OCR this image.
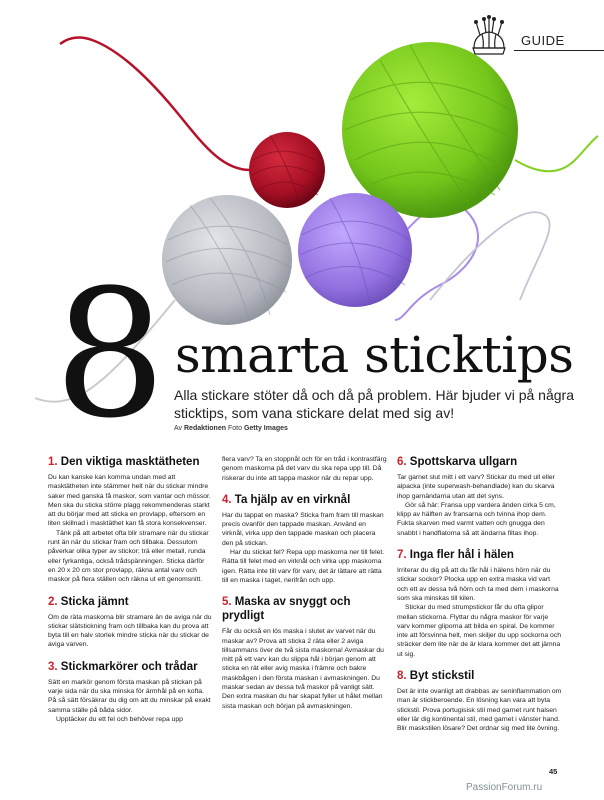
GUIDE
8 smarta sticktips
Alla stickare stöter då och då på problem. Här bjuder vi på några sticktips, som vana stickare delat med sig av!
Av Redaktionen Foto Getty Images
1. Den viktiga masktätheten

Du kan kanske kan komma undan med att masktätheten inte stämmer helt när du stickar mindre saker med ganska få maskor, som vantar och mössor. Men ska du sticka större plagg rekommenderas starkt att du börjar med att sticka en provlapp, eftersom en liten skillnad i masktäthet kan få stora konsekvenser.

Tänk på att arbetet ofta blir stramare när du stickar runt än när du stickar fram och tillbaka. Dessutom påverkar olika typer av stickor; trä eller metall, runda eller fyrkantiga, också trådspänningen. Sticka därför en 20 x 20 cm stor provlapp, räkna antal varv och maskor på flera ställen och räkna ut ett genomsnitt.

2. Sticka jämnt

Om de räta maskorna blir stramare än de aviga när du stickar slätstickning fram och tillbaka kan du prova att byta till en halv storlek mindre sticka när du stickar de aviga varven.

3. Stickmarkörer och trådar

Sätt en markör genom första maskan på stickan på varje sida när du ska minska för ärmhål på en kofta. På så sätt försäkrar du dig om att du minskar på exakt samma ställe på båda sidor.

Upptäcker du ett fel och behöver repa upp

flera varv? Ta en stoppnål och för en tråd i kontrastfärg genom maskorna på det varv du ska repa upp till. Då riskerar du inte att tappa maskor när du repar upp.

4. Ta hjälp av en virknål

Har du tappat en maska? Sticka fram fram till maskan precis ovanför den tappade maskan. Använd en virknål, virka upp den tappade maskan och placera den på stickan.

Har du stickat fel? Repa upp maskorna ner till felet. Rätta till felet med en virknål och virka upp maskorna igen. Rätta inte till varv för varv, det är lättare att rätta till en maska i taget, nerifrån och upp.

5. Maska av snyggt och prydligt

Får du också en lös maska i slutet av varvet när du maskar av? Prova att sticka 2 räta eller 2 aviga tillsammans över de två sista maskorna! Avmaskar du mitt på ett varv kan du slippa hål i början genom att sticka en rät eller avig maska i främre och bakre maskbågen i den första maskan i avmaskningen. Du maskar sedan av dessa två maskor på vanligt sätt. Den extra maskan du har skapat fyller ut hålet mellan sista maskan och början på avmaskningen.

6. Spottskarva ullgarn

Tar garnet slut mitt i ett varv? Stickar du med ull eller alpacka (inte superwash-behandlade) kan du skarva ihop garnändarna utan att det syns.

Gör så här: Fransa upp vardera änden cirka 5 cm, klipp av hälften av fransarna och tvinna ihop dem. Fukta skarven med varmt vatten och gnugga den snabbt i handflatorna så att ändarna filtas ihop.

7. Inga fler hål i hälen

Irriterar du dig på att du får hål i hälens hörn när du stickar sockor? Plocka upp en extra maska vid vart och ett av dessa två hörn och ta med dem i maskorna som ska minskas till kilen.

Stickar du med strumpstickor får du ofta glipor mellan stickorna. Flyttar du några maskor för varje varv kommer gliporna att bilda en spiral. De kommer inte att försvinna helt, men skiljer du upp sockorna och sträcker dem lite när de är klara kommer det att jämna ut sig.

8. Byt stickstil

Det är inte ovanligt att drabbas av seninflammation om man är stickberoende. En lösning kan vara att byta stickstil. Prova portugisisk stil med garnet runt halsen eller lär dig kontinental stil, med garnet i vänster hand. Blir maskstilen lösare? Det ordnar sig med lite övning.

45
PassionForum.ru
